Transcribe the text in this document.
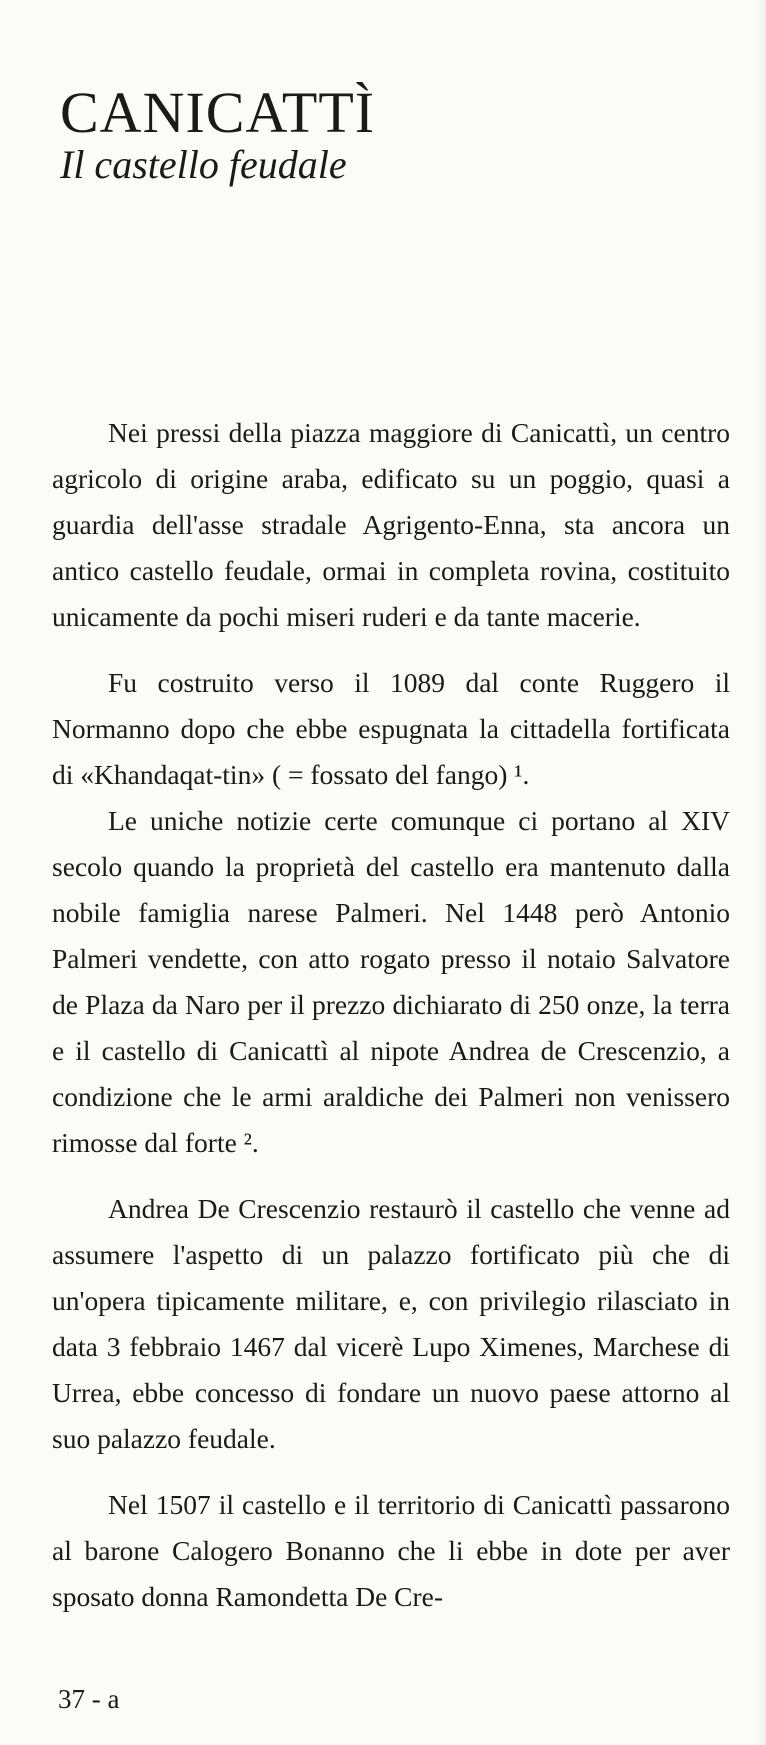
CANICATTÌ
Il castello feudale

Nei pressi della piazza maggiore di Canicattì, un centro agricolo di origine araba, edificato su un poggio, quasi a guardia dell'asse stradale Agrigento-Enna, sta ancora un antico castello feudale, ormai in completa rovina, costituito unicamente da pochi miseri ruderi e da tante macerie.

Fu costruito verso il 1089 dal conte Ruggero il Normanno dopo che ebbe espugnata la cittadella fortificata di «Khandaqat-tin» ( = fossato del fango) ¹.

Le uniche notizie certe comunque ci portano al XIV secolo quando la proprietà del castello era mantenuto dalla nobile famiglia narese Palmeri. Nel 1448 però Antonio Palmeri vendette, con atto rogato presso il notaio Salvatore de Plaza da Naro per il prezzo dichiarato di 250 onze, la terra e il castello di Canicattì al nipote Andrea de Crescenzio, a condizione che le armi araldiche dei Palmeri non venissero rimosse dal forte ².

Andrea De Crescenzio restaurò il castello che venne ad assumere l'aspetto di un palazzo fortificato più che di un'opera tipicamente militare, e, con privilegio rilasciato in data 3 febbraio 1467 dal vicerè Lupo Ximenes, Marchese di Urrea, ebbe concesso di fondare un nuovo paese attorno al suo palazzo feudale.

Nel 1507 il castello e il territorio di Canicattì passarono al barone Calogero Bonanno che li ebbe in dote per aver sposato donna Ramondetta De Cre-

37 - a
